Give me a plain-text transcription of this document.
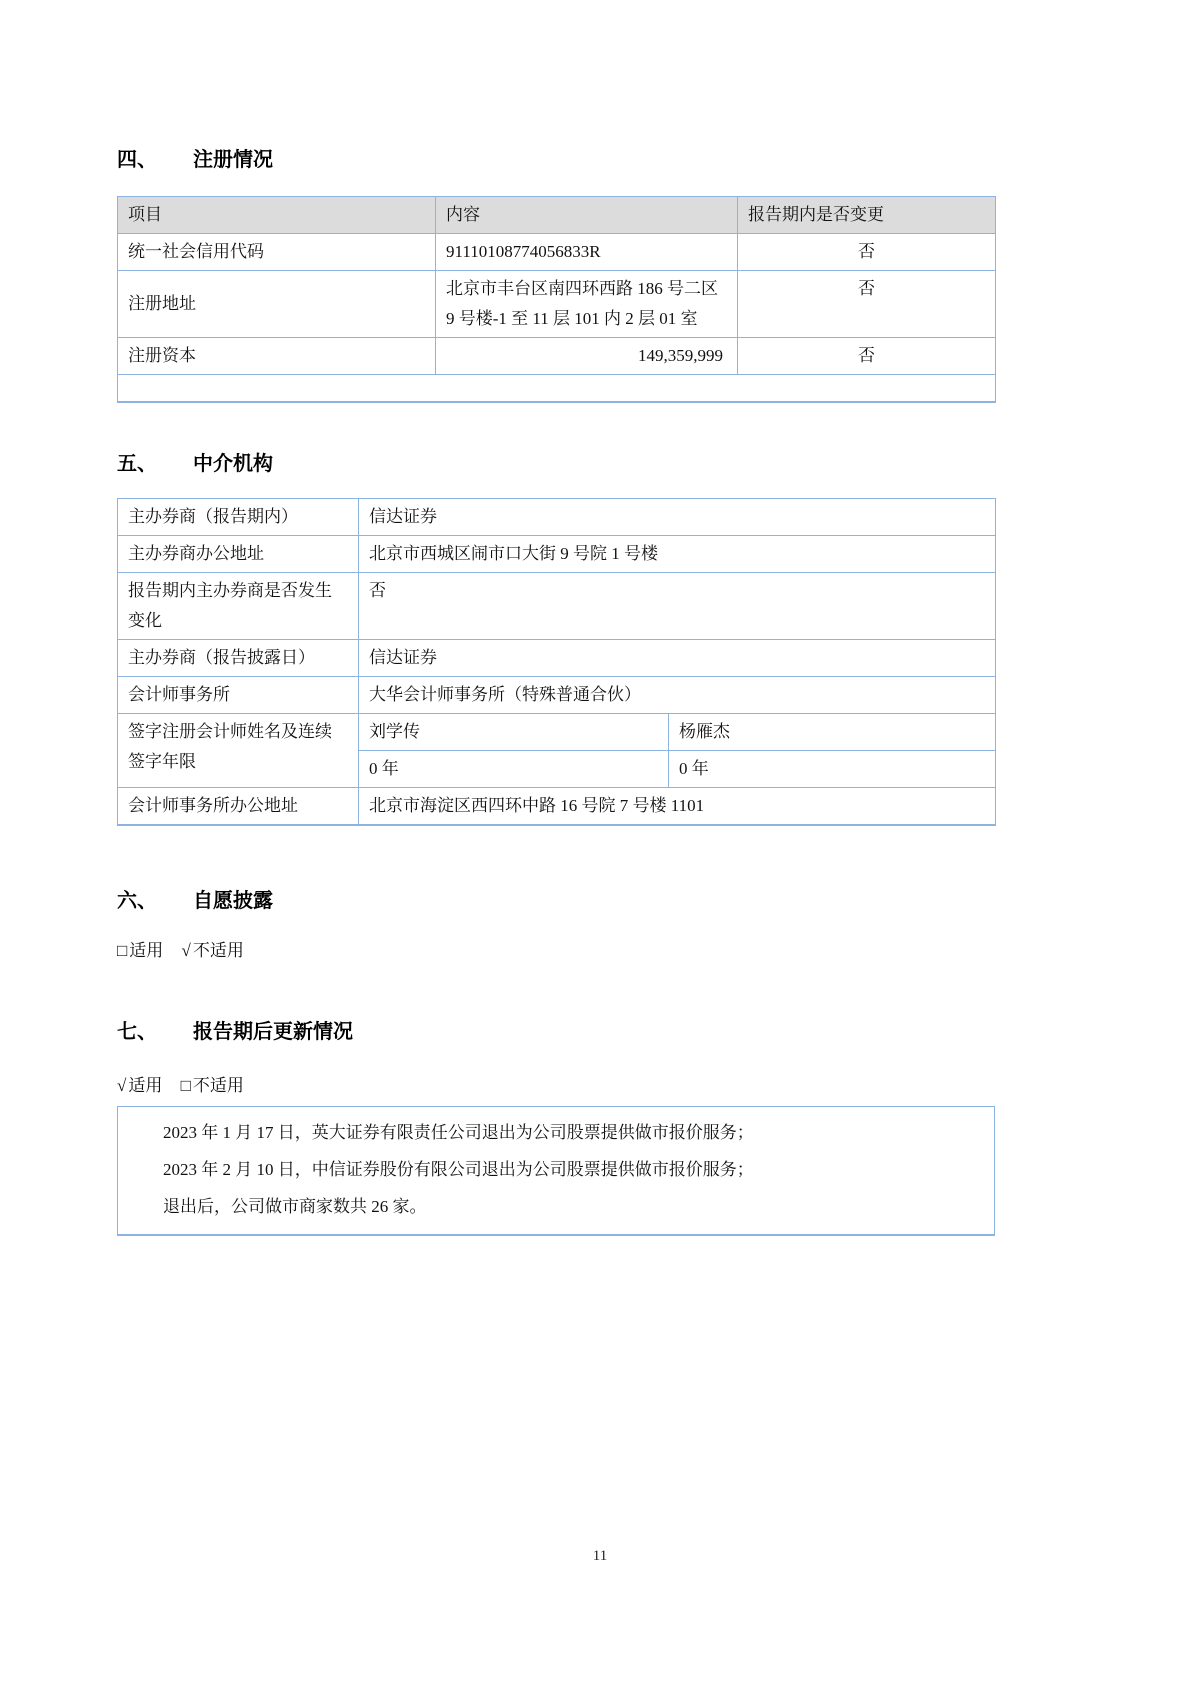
四、	注册情况
项目	内容	报告期内是否变更
统一社会信用代码	91110108774056833R	否
注册地址	北京市丰台区南四环西路 186 号二区 9 号楼-1 至 11 层 101 内 2 层 01 室	否
注册资本	149,359,999	否

五、	中介机构
主办券商（报告期内）	信达证券	
主办券商办公地址	北京市西城区闹市口大街 9 号院 1 号楼	
报告期内主办券商是否发生变化	否	
主办券商（报告披露日）	信达证券	
会计师事务所	大华会计师事务所（特殊普通合伙）	
签字注册会计师姓名及连续签字年限	刘学传	杨雁杰
	0 年	0 年
会计师事务所办公地址	北京市海淀区西四环中路 16 号院 7 号楼 1101	
六、	自愿披露
□ 适用 √ 不适用
七、	报告期后更新情况
√ 适用 □ 不适用
2023 年 1 月 17 日，英大证券有限责任公司退出为公司股票提供做市报价服务；
2023 年 2 月 10 日，中信证券股份有限公司退出为公司股票提供做市报价服务；
退出后，公司做市商家数共 26 家。
11
